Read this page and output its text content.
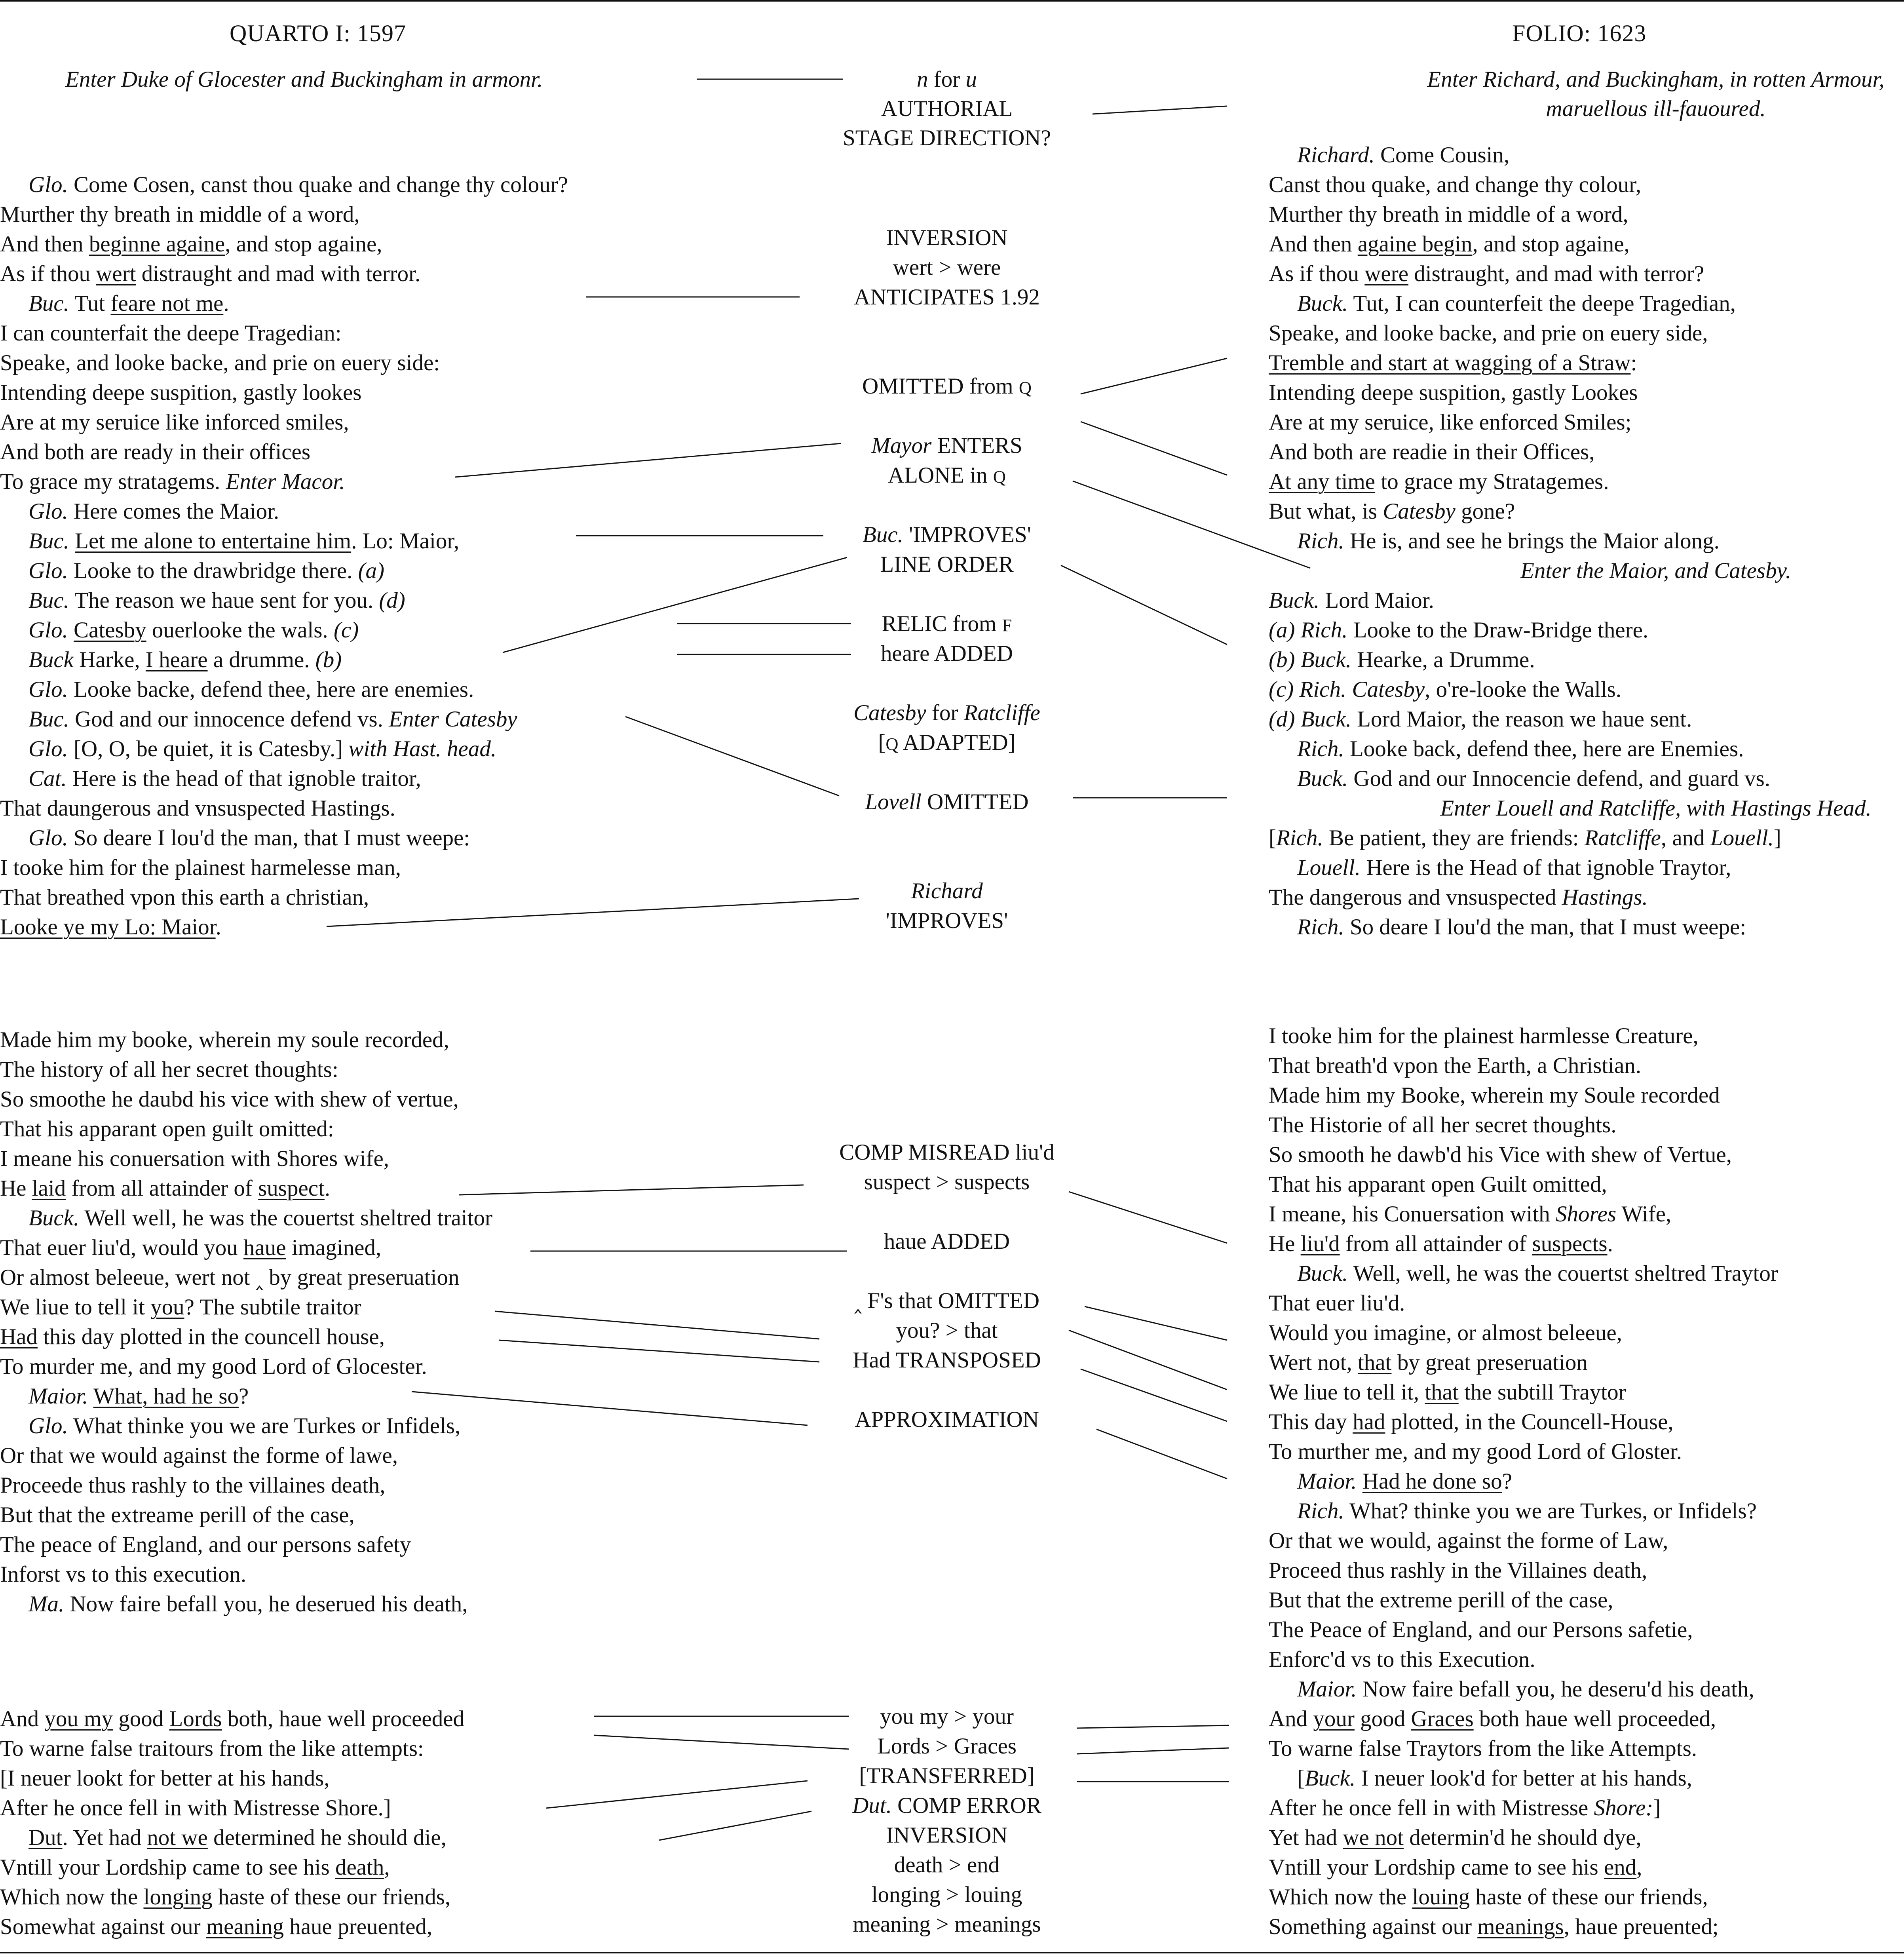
QUARTO I: 1597	FOLIO: 1623
Enter Duke of Glocester and Buckingham in armonr.	Enter Richard, and Buckingham, in rotten Armour,
maruellous ill-fauoured.
Glo. Come Cosen, canst thou quake and change thy colour?
Murther thy breath in middle of a word,
And then beginne againe, and stop againe,
As if thou wert distraught and mad with terror.
Buc. Tut feare not me.
I can counterfait the deepe Tragedian:
Speake, and looke backe, and prie on euery side:
Intending deepe suspition, gastly lookes
Are at my seruice like inforced smiles,
And both are ready in their offices
To grace my stratagems. Enter Macor.
Glo. Here comes the Maior.
Buc. Let me alone to entertaine him. Lo: Maior,
Glo. Looke to the drawbridge there. (a)
Buc. The reason we haue sent for you. (d)
Glo. Catesby ouerlooke the wals. (c)
Buck Harke, I heare a drumme. (b)
Glo. Looke backe, defend thee, here are enemies.
Buc. God and our innocence defend vs. Enter Catesby
Glo. [O, O, be quiet, it is Catesby.] with Hast. head.
Cat. Here is the head of that ignoble traitor,
That daungerous and vnsuspected Hastings.
Glo. So deare I lou'd the man, that I must weepe:
I tooke him for the plainest harmelesse man,
That breathed vpon this earth a christian,
Looke ye my Lo: Maior.
Made him my booke, wherein my soule recorded,
The history of all her secret thoughts:
So smoothe he daubd his vice with shew of vertue,
That his apparant open guilt omitted:
I meane his conuersation with Shores wife,
He laid from all attainder of suspect.
Buck. Well well, he was the couertst sheltred traitor
That euer liu'd, would you haue imagined,
Or almost beleeue, wert not ‸ by great preseruation
We liue to tell it you? The subtile traitor
Had this day plotted in the councell house,
To murder me, and my good Lord of Glocester.
Maior. What, had he so?
Glo. What thinke you we are Turkes or Infidels,
Or that we would against the forme of lawe,
Proceede thus rashly to the villaines death,
But that the extreame perill of the case,
The peace of England, and our persons safety
Inforst vs to this execution.
Ma. Now faire befall you, he deserued his death,
And you my good Lords both, haue well proceeded
To warne false traitours from the like attempts:
[I neuer lookt for better at his hands,
After he once fell in with Mistresse Shore.]
Dut. Yet had not we determined he should die,
Vntill your Lordship came to see his death,
Which now the longing haste of these our friends,
Somewhat against our meaning haue preuented,
n for u
AUTHORIAL
STAGE DIRECTION?
INVERSION
wert > were
ANTICIPATES 1.92
OMITTED from Q
Mayor ENTERS
ALONE in Q
Buc. 'IMPROVES'
LINE ORDER
RELIC from F
heare ADDED
Catesby for Ratcliffe
[Q ADAPTED]
Lovell OMITTED
Richard
'IMPROVES'
COMP MISREAD liu'd
suspect > suspects
haue ADDED
‸ F's that OMITTED
you? > that
Had TRANSPOSED
APPROXIMATION
you my > your
Lords > Graces
[TRANSFERRED]
Dut. COMP ERROR
INVERSION
death > end
longing > louing
meaning > meanings
Richard. Come Cousin,
Canst thou quake, and change thy colour,
Murther thy breath in middle of a word,
And then againe begin, and stop againe,
As if thou were distraught, and mad with terror?
Buck. Tut, I can counterfeit the deepe Tragedian,
Speake, and looke backe, and prie on euery side,
Tremble and start at wagging of a Straw:
Intending deepe suspition, gastly Lookes
Are at my seruice, like enforced Smiles;
And both are readie in their Offices,
At any time to grace my Stratagemes.
But what, is Catesby gone?
Rich. He is, and see he brings the Maior along.
Enter the Maior, and Catesby.
Buck. Lord Maior.
(a) Rich. Looke to the Draw-Bridge there.
(b) Buck. Hearke, a Drumme.
(c) Rich. Catesby, o're-looke the Walls.
(d) Buck. Lord Maior, the reason we haue sent.
Rich. Looke back, defend thee, here are Enemies.
Buck. God and our Innocencie defend, and guard vs.
Enter Louell and Ratcliffe, with Hastings Head.
[Rich. Be patient, they are friends: Ratcliffe, and Louell.]
Louell. Here is the Head of that ignoble Traytor,
The dangerous and vnsuspected Hastings.
Rich. So deare I lou'd the man, that I must weepe:
I tooke him for the plainest harmlesse Creature,
That breath'd vpon the Earth, a Christian.
Made him my Booke, wherein my Soule recorded
The Historie of all her secret thoughts.
So smooth he dawb'd his Vice with shew of Vertue,
That his apparant open Guilt omitted,
I meane, his Conuersation with Shores Wife,
He liu'd from all attainder of suspects.
Buck. Well, well, he was the couertst sheltred Traytor
That euer liu'd.
Would you imagine, or almost beleeue,
Wert not, that by great preseruation
We liue to tell it, that the subtill Traytor
This day had plotted, in the Councell-House,
To murther me, and my good Lord of Gloster.
Maior. Had he done so?
Rich. What? thinke you we are Turkes, or Infidels?
Or that we would, against the forme of Law,
Proceed thus rashly in the Villaines death,
But that the extreme perill of the case,
The Peace of England, and our Persons safetie,
Enforc'd vs to this Execution.
Maior. Now faire befall you, he deseru'd his death,
And your good Graces both haue well proceeded,
To warne false Traytors from the like Attempts.
[Buck. I neuer look'd for better at his hands,
After he once fell in with Mistresse Shore:]
Yet had we not determin'd he should dye,
Vntill your Lordship came to see his end,
Which now the louing haste of these our friends,
Something against our meanings, haue preuented;
